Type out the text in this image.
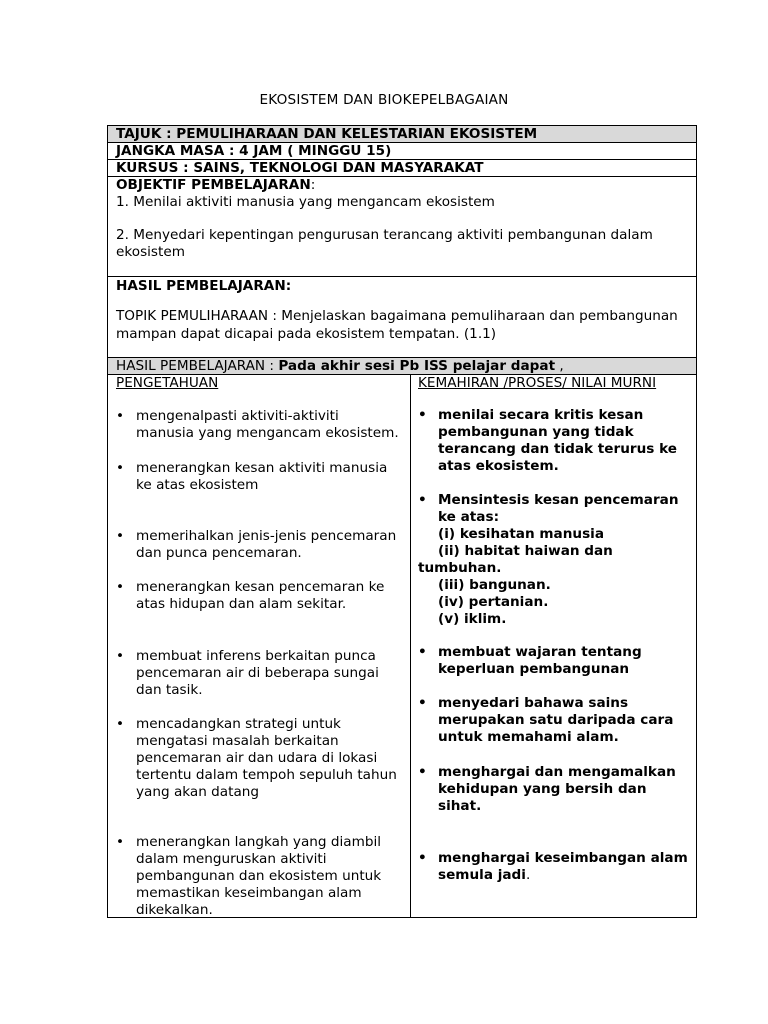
EKOSISTEM DAN BIOKEPELBAGAIAN
TAJUK : PEMULIHARAAN DAN KELESTARIAN EKOSISTEM
JANGKA MASA : 4 JAM ( MINGGU 15)
KURSUS : SAINS, TEKNOLOGI DAN MASYARAKAT

OBJEKTIF PEMBELAJARAN:

1. Menilai aktiviti manusia yang mengancam ekosistem

2. Menyedari kepentingan pengurusan terancang aktiviti pembangunan dalam

ekosistem

HASIL PEMBELAJARAN:

TOPIK PEMULIHARAAN : Menjelaskan bagaimana pemuliharaan dan pembangunan

mampan dapat dicapai pada ekosistem tempatan. (1.1)

HASIL PEMBELAJARAN : Pada akhir sesi Pb ISS pelajar dapat ,
PENGETAHUAN	KEMAHIRAN /PROSES/ NILAI MURNI
• mengenalpasti aktiviti-aktiviti
manusia yang mengancam ekosistem.
• menerangkan kesan aktiviti manusia
ke atas ekosistem
• memerihalkan jenis-jenis pencemaran
dan punca pencemaran.
• menerangkan kesan pencemaran ke
atas hidupan dan alam sekitar.
• membuat inferens berkaitan punca
pencemaran air di beberapa sungai
dan tasik.
• mencadangkan strategi untuk
mengatasi masalah berkaitan
pencemaran air dan udara di lokasi
tertentu dalam tempoh sepuluh tahun
yang akan datang
• menerangkan langkah yang diambil
dalam menguruskan aktiviti
pembangunan dan ekosistem untuk
memastikan keseimbangan alam
dikekalkan.
• menilai secara kritis kesan
pembangunan yang tidak
terancang dan tidak terurus ke
atas ekosistem.
• Mensintesis kesan pencemaran
ke atas:
(i) kesihatan manusia
(ii) habitat haiwan dan
tumbuhan.
(iii) bangunan.
(iv) pertanian.
(v) iklim.
• membuat wajaran tentang
keperluan pembangunan
• menyedari bahawa sains
merupakan satu daripada cara
untuk memahami alam.
• menghargai dan mengamalkan
kehidupan yang bersih dan
sihat.
• menghargai keseimbangan alam
semula jadi.
